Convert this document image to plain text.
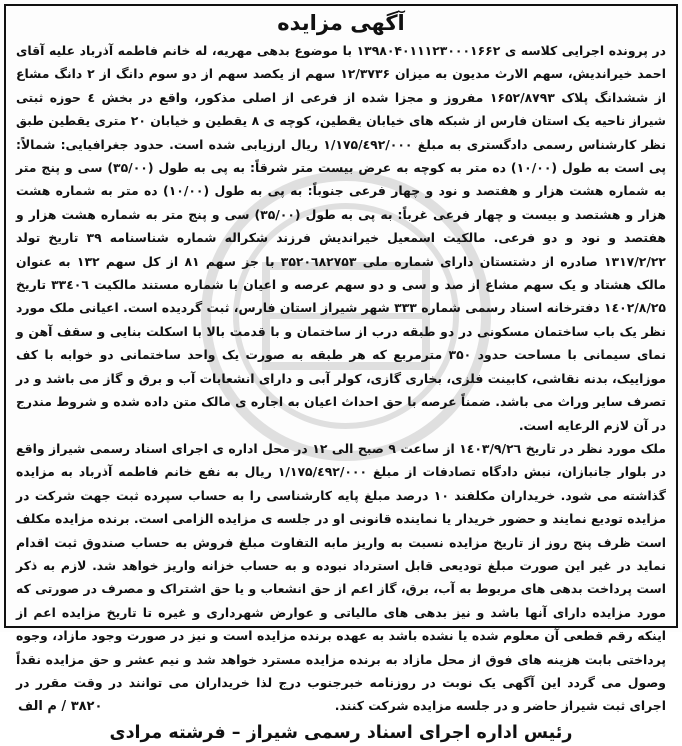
آگهی مزایده

در پرونده اجرایی کلاسه ی ۱۳۹۸۰۴۰۱۱۱۲۳۰۰۰۱۶۶۲ با موضوع بدهی مهریه، له خانم فاطمه آذرباد علیه آقای احمد خیراندیش، سهم الارث مدیون به میزان ۱۲/۳۷۳۶ سهم از یکصد سهم از دو سوم دانگ از ۲ دانگ مشاع از ششدانگ پلاک ۱۶۵۲/۸۷۹۳ مفروز و مجزا شده از فرعی از اصلی مذکور، واقع در بخش ٤ حوزه ثبتی شیراز ناحیه یک استان فارس از شبکه های خیابان یقطین، کوچه ی ۸ یقطین و خیابان ۲۰ متری یقطین طبق نظر کارشناس رسمی دادگستری به مبلغ ۱/۱۷۵/٤۹۲/۰۰۰ ریال ارزیابی شده است. حدود جغرافیایی: شمالاً: پی است به طول (۱۰/۰۰) ده متر به کوچه به عرض بیست متر شرقاً: به پی به طول (۳۵/۰۰) سی و پنج متر به شماره هشت هزار و هفتصد و نود و چهار فرعی جنوباً: به پی به طول (۱۰/۰۰) ده متر به شماره هشت هزار و هشتصد و بیست و چهار فرعی غرباً: به پی به طول (۳۵/۰۰) سی و پنج متر به شماره هشت هزار و هفتصد و نود و دو فرعی. مالکیت اسمعیل خیراندیش فرزند شکراله شماره شناسنامه ۳۹ تاریخ تولد ۱۳۱۷/۲/۲۲ صادره از دشتستان دارای شماره ملی ۳۵۲۰٦۸۲۷۵۳ با جز سهم ۸۱ از کل سهم ۱۳۲ به عنوان مالک هشتاد و یک سهم مشاع از صد و سی و دو سهم عرصه و اعیان با شماره مستند مالکیت ۳۳٤۰٦ تاریخ ۱٤۰۲/۸/۲۵ دفترخانه اسناد رسمی شماره ۳۳۳ شهر شیراز استان فارس، ثبت گردیده است. اعیانی ملک مورد نظر یک باب ساختمان مسکونی در دو طبقه درب از ساختمان و با قدمت بالا با اسکلت بنایی و سقف آهن و نمای سیمانی با مساحت حدود ۳۵۰ مترمربع که هر طبقه به صورت یک واحد ساختمانی دو خوابه با کف موزاییک، بدنه نقاشی، کابینت فلزی، بخاری گازی، کولر آبی و دارای انشعابات آب و برق و گاز می باشد و در تصرف سایر وراث می باشد. ضمناً عرصه با حق احداث اعیان به اجاره ی مالک متن داده شده و شروط مندرج در آن لازم الرعایه است.

ملک مورد نظر در تاریخ ۱٤۰۳/۹/۲٦ از ساعت ۹ صبح الی ۱۲ در محل اداره ی اجرای اسناد رسمی شیراز واقع در بلوار جانبازان، نبش دادگاه تصادفات از مبلغ ۱/۱۷۵/٤۹۲/۰۰۰ ریال به نفع خانم فاطمه آذرباد به مزایده گذاشته می شود. خریداران مکلفند ۱۰ درصد مبلغ پایه کارشناسی را به حساب سپرده ثبت جهت شرکت در مزایده تودیع نمایند و حضور خریدار یا نماینده قانونی او در جلسه ی مزایده الزامی است. برنده مزایده مکلف است ظرف پنج روز از تاریخ مزایده نسبت به واریز مابه التفاوت مبلغ فروش به حساب صندوق ثبت اقدام نماید در غیر این صورت مبلغ تودیعی قابل استرداد نبوده و به حساب خزانه واریز خواهد شد. لازم به ذکر است پرداخت بدهی های مربوط به آب، برق، گاز اعم از حق انشعاب و یا حق اشتراک و مصرف در صورتی که مورد مزایده دارای آنها باشد و نیز بدهی های مالیاتی و عوارض شهرداری و غیره تا تاریخ مزایده اعم از اینکه رقم قطعی آن معلوم شده یا نشده باشد به عهده برنده مزایده است و نیز در صورت وجود مازاد، وجوه پرداختی بابت هزینه های فوق از محل مازاد به برنده مزایده مسترد خواهد شد و نیم عشر و حق مزایده نقداً وصول می گردد این آگهی یک نوبت در روزنامه خبرجنوب درج لذا خریداران می توانند در وقت مقرر در اجرای ثبت شیراز حاضر و در جلسه مزایده شرکت کنند.

۳۸۲۰ / م الف
رئیس اداره اجرای اسناد رسمی شیراز – فرشته مرادی
